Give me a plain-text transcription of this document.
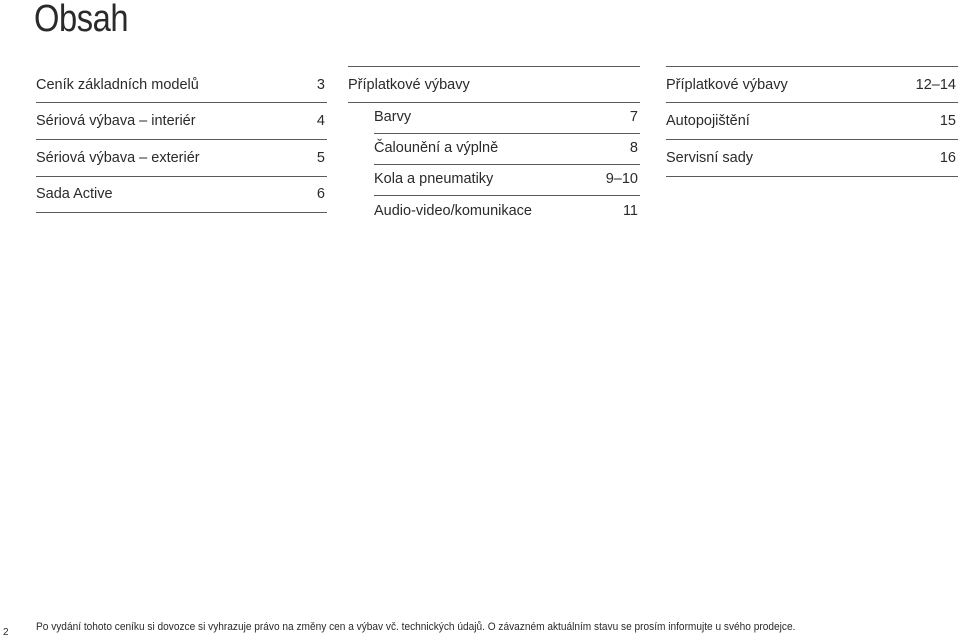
Obsah
Ceník základních modelů	3
Sériová výbava – interiér	4
Sériová výbava – exteriér	5
Sada Active	6
Příplatkové výbavy
Barvy	7
Čalounění a výplně	8
Kola a pneumatiky	9–10
Audio-video/komunikace	11
Příplatkové výbavy	12–14
Autopojištění	15
Servisní sady	16
Po vydání tohoto ceníku si dovozce si vyhrazuje právo na změny cen a výbav vč. technických údajů. O závazném aktuálním stavu se prosím informujte u svého prodejce.
2
